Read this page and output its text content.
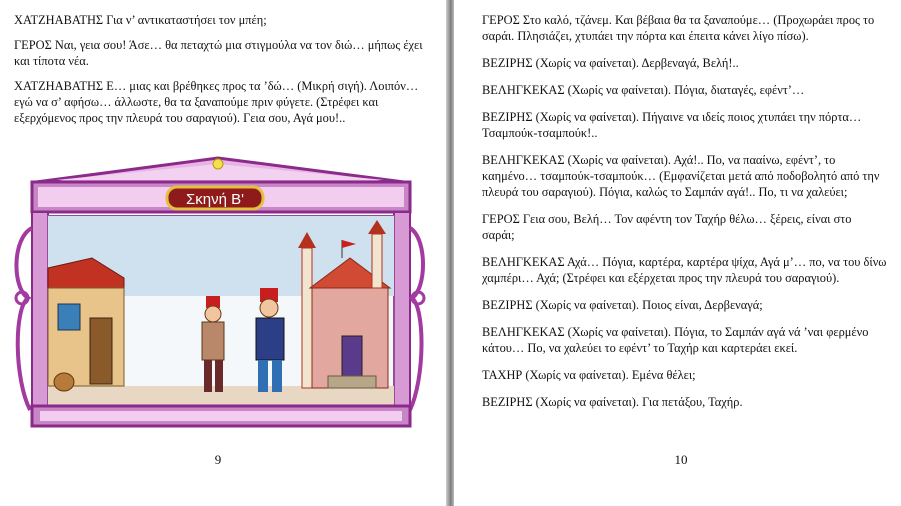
ΧΑΤΖΗΑΒΑΤΗΣ Για ν’ αντικαταστήσει τον μπέη;

ΓΕΡΟΣ Ναι, γεια σου! Άσε… θα πεταχτώ μια στιγμούλα να τον διώ… μήπως έχει και τίποτα νέα.

ΧΑΤΖΗΑΒΑΤΗΣ Ε… μιας και βρέθηκες προς τα ’δώ… (Μικρή σιγή). Λοιπόν… εγώ να σ’ αφήσω… άλλωστε, θα τα ξαναπούμε πριν φύγετε. (Στρέφει και εξερχόμενος προς την πλευρά του σαραγιού). Γεια σου, Αγά μου!..

Σκηνή Β'
9

ΓΕΡΟΣ Στο καλό, τζάνεμ. Και βέβαια θα τα ξαναπούμε… (Προχωράει προς το σαράι. Πλησιάζει, χτυπάει την πόρτα και έπειτα κάνει λίγο πίσω).

ΒΕΖΙΡΗΣ (Χωρίς να φαίνεται). Δερβεναγά, Βελή!..

ΒΕΛΗΓΚΕΚΑΣ (Χωρίς να φαίνεται). Πόγια, διαταγές, εφέντ’…

ΒΕΖΙΡΗΣ (Χωρίς να φαίνεται). Πήγαινε να ιδείς ποιος χτυπάει την πόρτα… Τσαμπούκ-τσαμπούκ!..

ΒΕΛΗΓΚΕΚΑΣ (Χωρίς να φαίνεται). Αχά!.. Πο, να πααίνω, εφέντ’, το καημένο… τσαμπούκ-τσαμπούκ… (Εμφανίζεται μετά από ποδοβολητό από την πλευρά του σαραγιού). Πόγια, καλώς το Σαμπάν αγά!.. Πο, τι να χαλεύει;

ΓΕΡΟΣ Γεια σου, Βελή… Τον αφέντη τον Ταχήρ θέλω… ξέρεις, είναι στο σαράι;

ΒΕΛΗΓΚΕΚΑΣ Αχά… Πόγια, καρτέρα, καρτέρα ψίχα, Αγά μ’… πο, να του δίνω χαμπέρι… Αχά; (Στρέφει και εξέρχεται προς την πλευρά του σαραγιού).

ΒΕΖΙΡΗΣ (Χωρίς να φαίνεται). Ποιος είναι, Δερβεναγά;

ΒΕΛΗΓΚΕΚΑΣ (Χωρίς να φαίνεται). Πόγια, το Σαμπάν αγά νά ’ναι φερμένο κάτου… Πο, να χαλεύει το εφέντ’ το Ταχήρ και καρτεράει εκεί.

ΤΑΧΗΡ (Χωρίς να φαίνεται). Εμένα θέλει;

ΒΕΖΙΡΗΣ (Χωρίς να φαίνεται). Για πετάξου, Ταχήρ.

10
